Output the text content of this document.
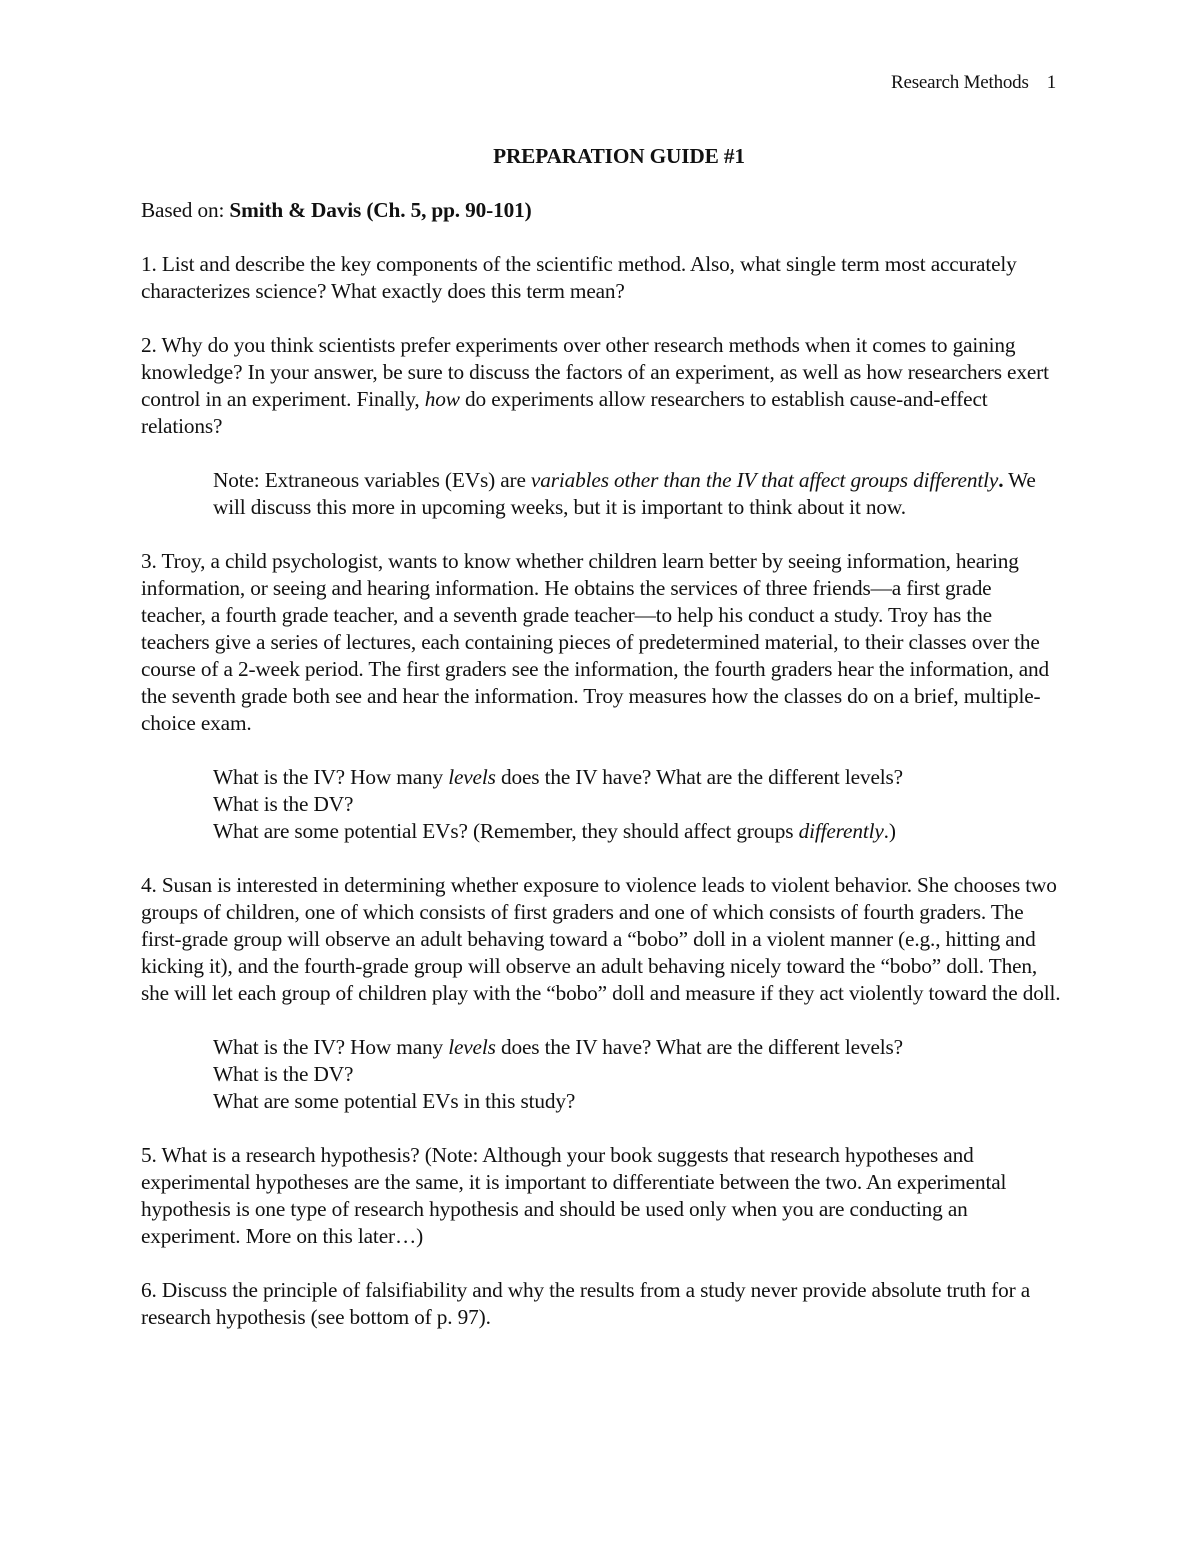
Research Methods 1

PREPARATION GUIDE #1

Based on: Smith & Davis (Ch. 5, pp. 90-101)

1. List and describe the key components of the scientific method. Also, what single term most accurately characterizes science? What exactly does this term mean?

2. Why do you think scientists prefer experiments over other research methods when it comes to gaining knowledge? In your answer, be sure to discuss the factors of an experiment, as well as how researchers exert control in an experiment. Finally, how do experiments allow researchers to establish cause-and-effect relations?

Note: Extraneous variables (EVs) are variables other than the IV that affect groups differently. We will discuss this more in upcoming weeks, but it is important to think about it now.

3. Troy, a child psychologist, wants to know whether children learn better by seeing information, hearing information, or seeing and hearing information. He obtains the services of three friends—a first grade teacher, a fourth grade teacher, and a seventh grade teacher—to help his conduct a study. Troy has the teachers give a series of lectures, each containing pieces of predetermined material, to their classes over the course of a 2-week period. The first graders see the information, the fourth graders hear the information, and the seventh grade both see and hear the information. Troy measures how the classes do on a brief, multiple-choice exam.

What is the IV? How many levels does the IV have? What are the different levels?

What is the DV?

What are some potential EVs? (Remember, they should affect groups differently.)

4. Susan is interested in determining whether exposure to violence leads to violent behavior. She chooses two groups of children, one of which consists of first graders and one of which consists of fourth graders. The first-grade group will observe an adult behaving toward a “bobo” doll in a violent manner (e.g., hitting and kicking it), and the fourth-grade group will observe an adult behaving nicely toward the “bobo” doll. Then, she will let each group of children play with the “bobo” doll and measure if they act violently toward the doll.

What is the IV? How many levels does the IV have? What are the different levels?

What is the DV?

What are some potential EVs in this study?

5. What is a research hypothesis? (Note: Although your book suggests that research hypotheses and experimental hypotheses are the same, it is important to differentiate between the two. An experimental hypothesis is one type of research hypothesis and should be used only when you are conducting an experiment. More on this later…)

6. Discuss the principle of falsifiability and why the results from a study never provide absolute truth for a research hypothesis (see bottom of p. 97).
